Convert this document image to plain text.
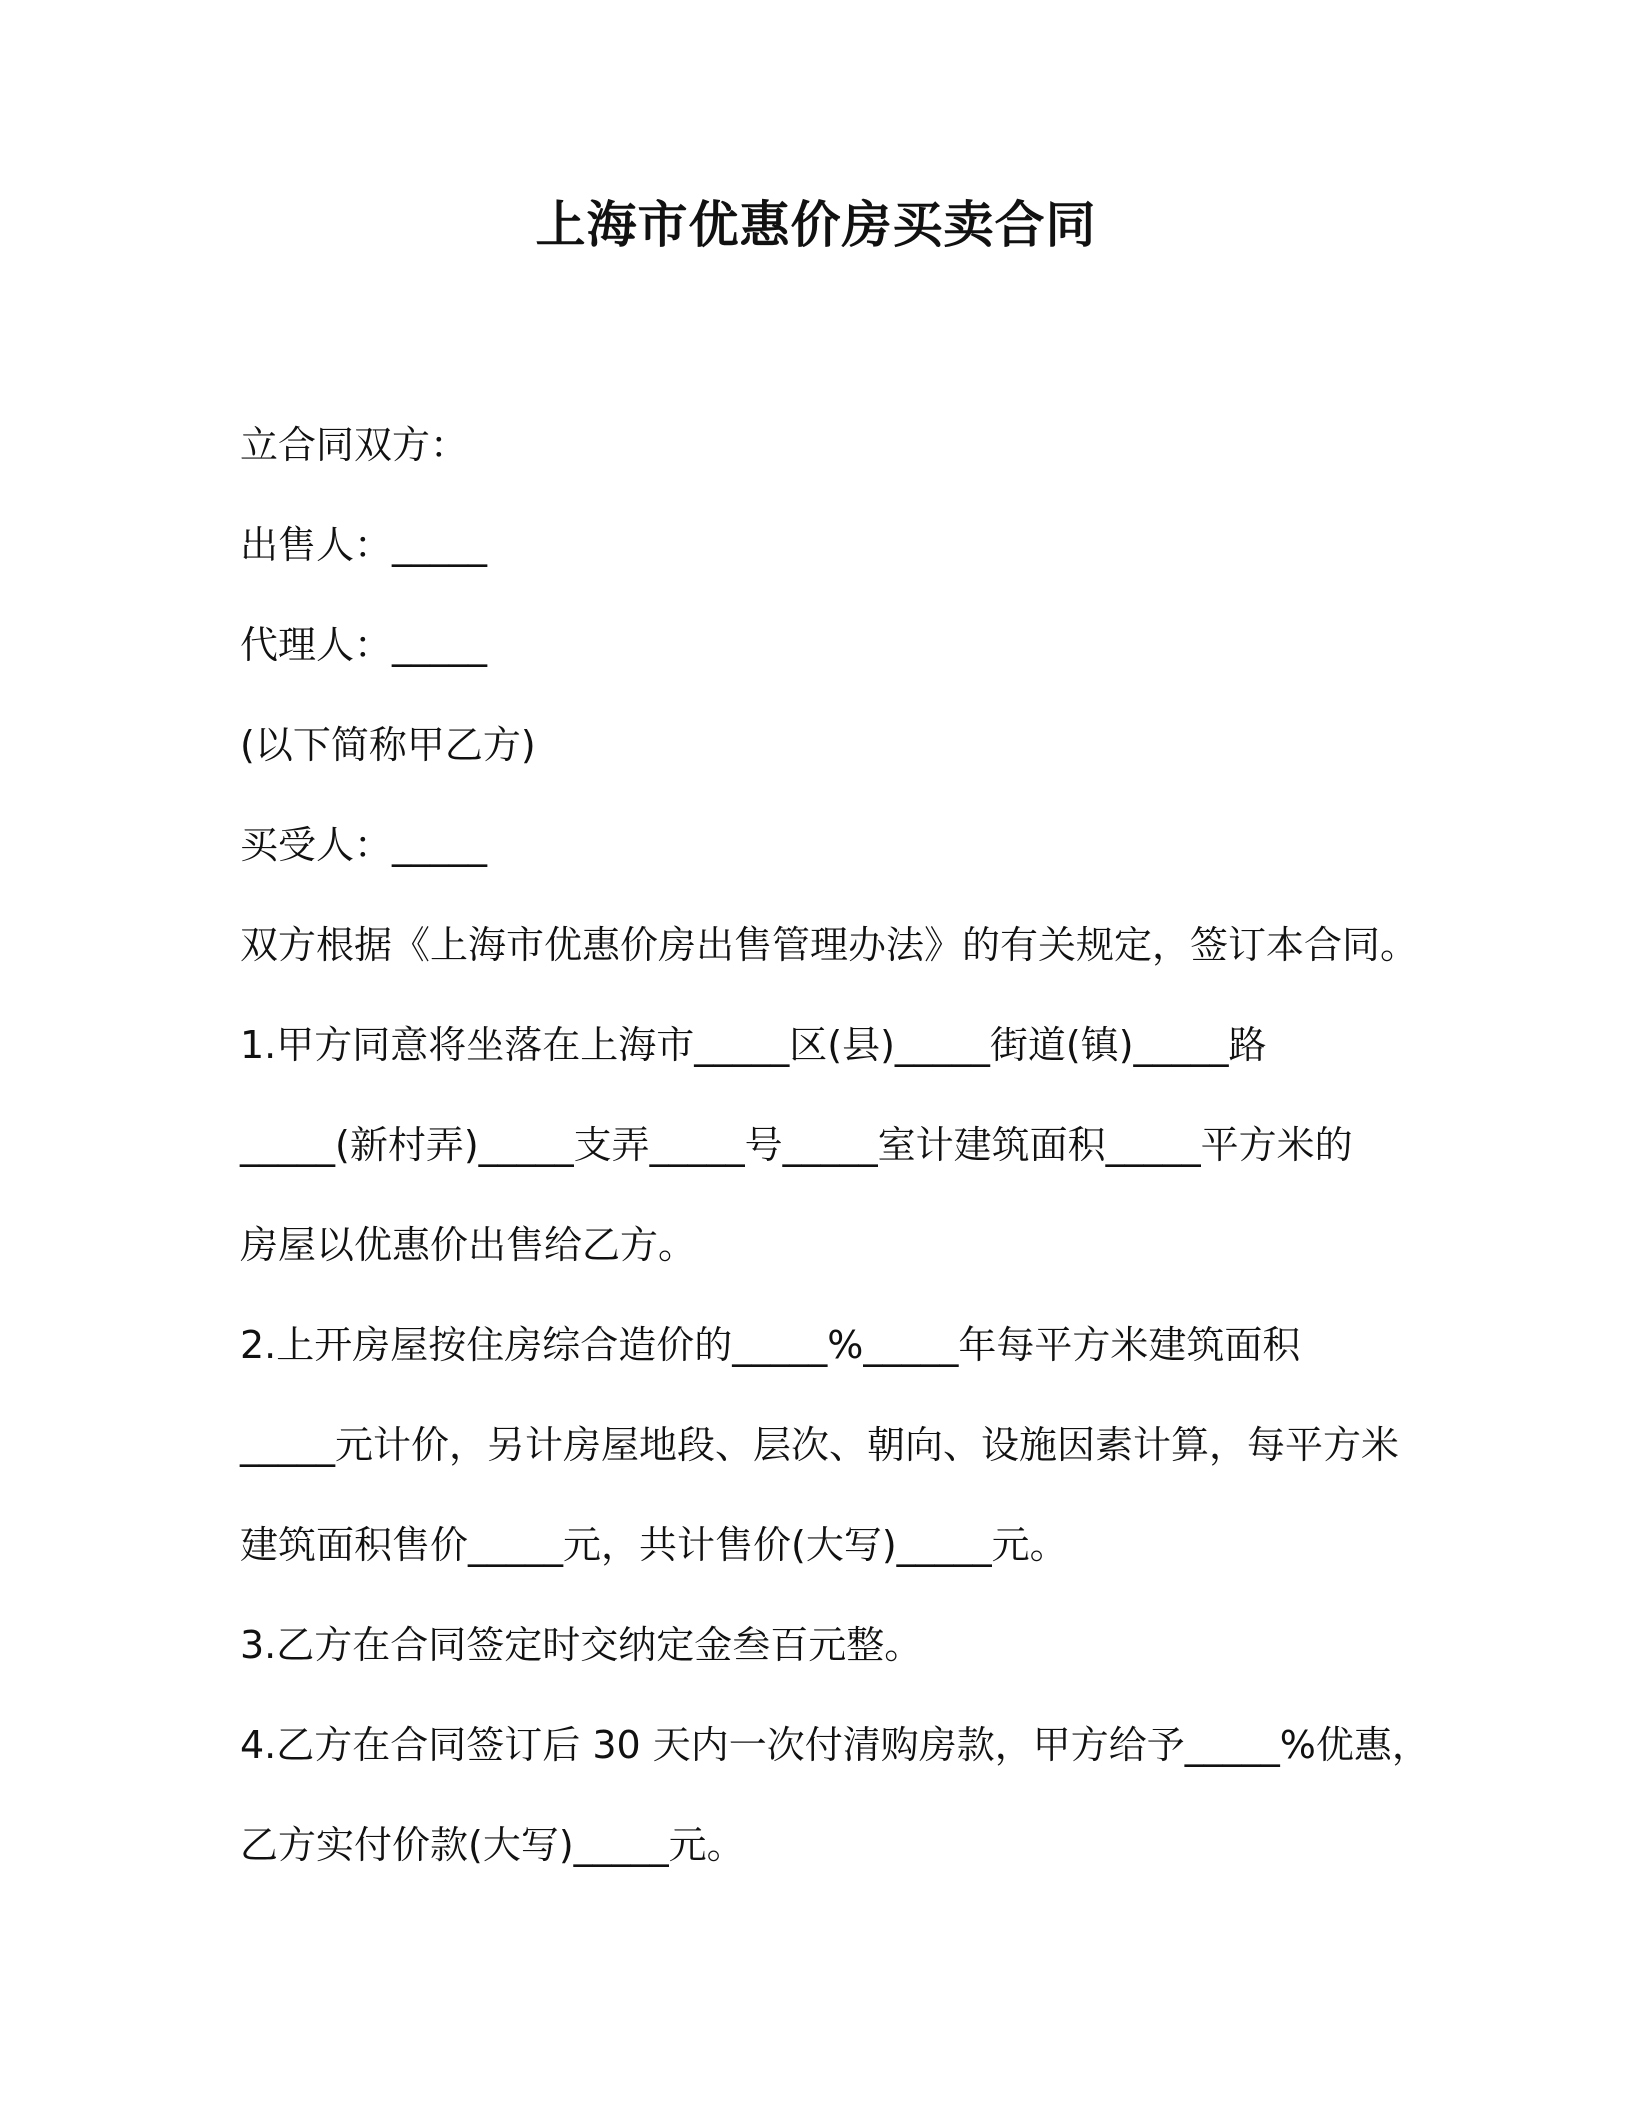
上海市优惠价房买卖合同
立合同双方：
出售人：_____
代理人：_____
(以下简称甲乙方)
买受人：_____
双方根据《上海市优惠价房出售管理办法》的有关规定，签订本合同。
1.甲方同意将坐落在上海市_____区(县)_____街道(镇)_____路
_____(新村弄)_____支弄_____号_____室计建筑面积_____平方米的
房屋以优惠价出售给乙方。
2.上开房屋按住房综合造价的_____%_____年每平方米建筑面积
_____元计价，另计房屋地段、层次、朝向、设施因素计算，每平方米
建筑面积售价_____元，共计售价(大写)_____元。
3.乙方在合同签定时交纳定金叁百元整。
4.乙方在合同签订后 30 天内一次付清购房款，甲方给予_____%优惠，
乙方实付价款(大写)_____元。
